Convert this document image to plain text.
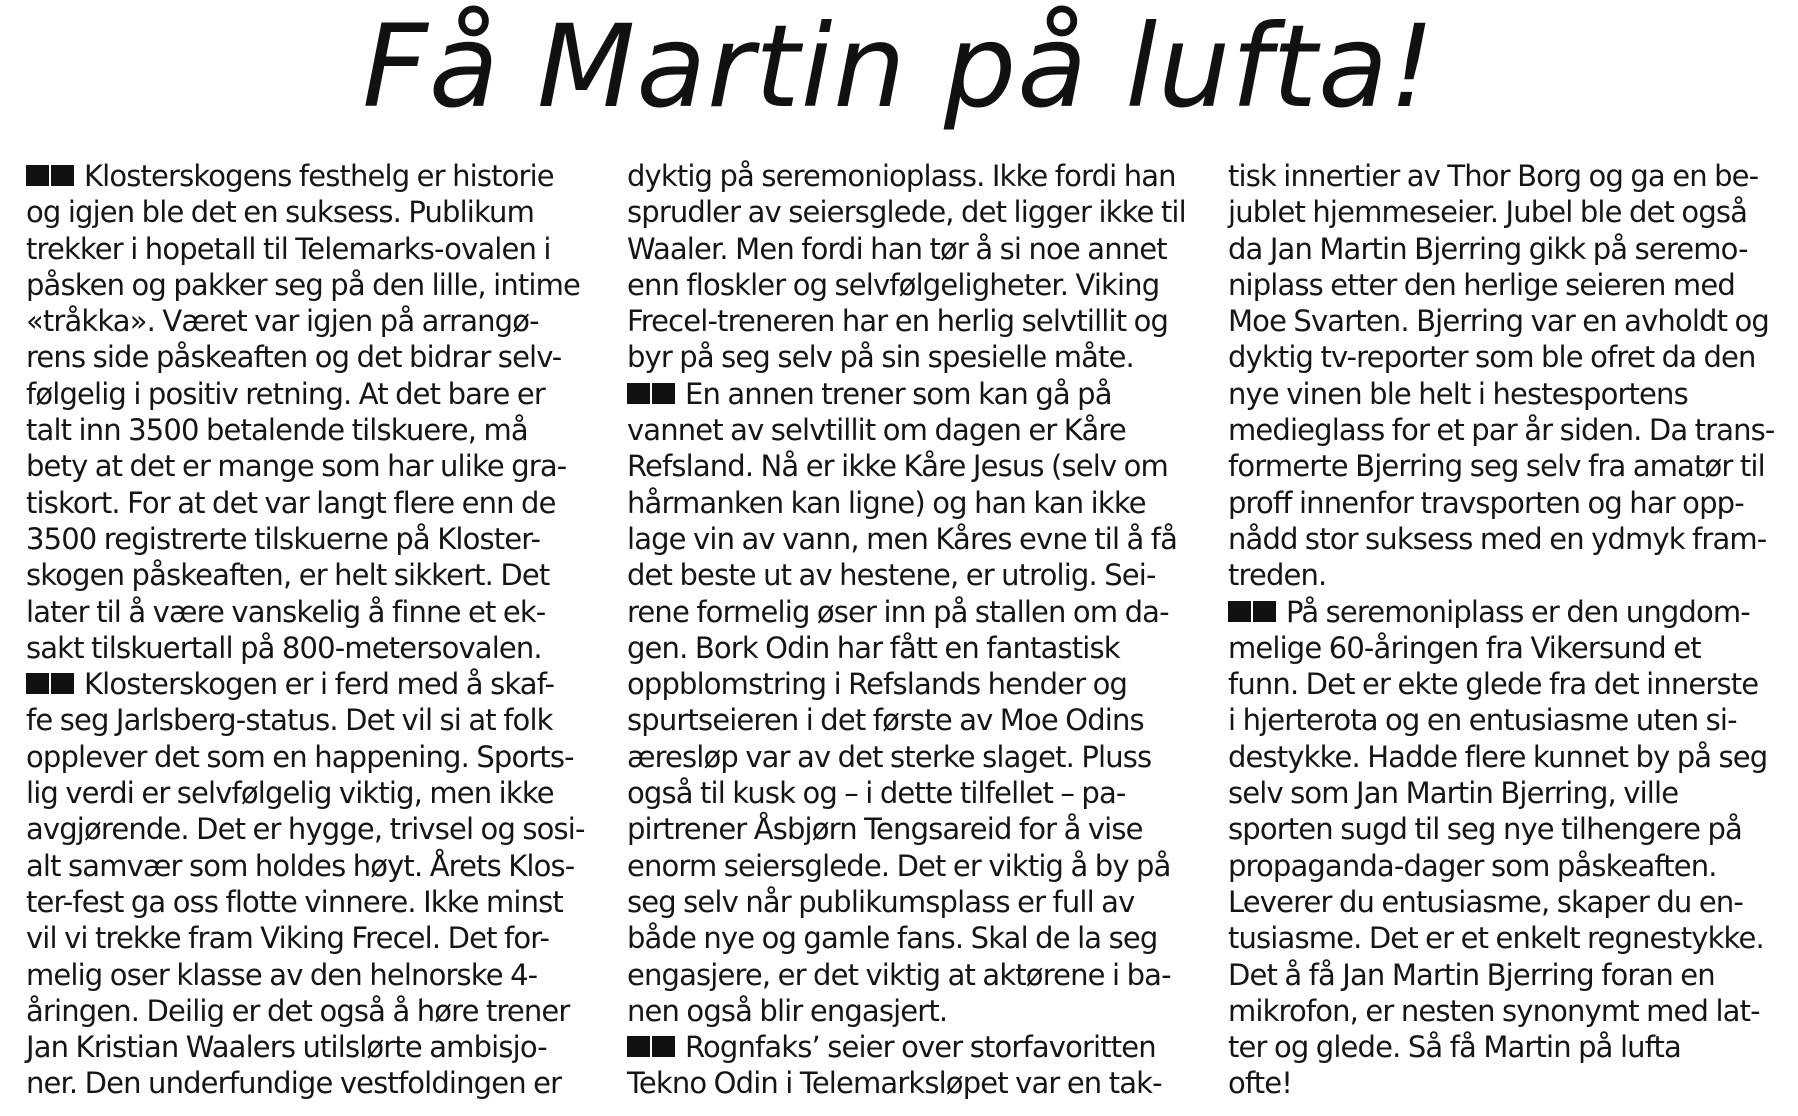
Få Martin på lufta!
Klosterskogens festhelg er historie
og igjen ble det en suksess. Publikum
trekker i hopetall til Telemarks-ovalen i
påsken og pakker seg på den lille, intime
«tråkka». Været var igjen på arrangø-
rens side påskeaften og det bidrar selv-
følgelig i positiv retning. At det bare er
talt inn 3500 betalende tilskuere, må
bety at det er mange som har ulike gra-
tiskort. For at det var langt flere enn de
3500 registrerte tilskuerne på Kloster-
skogen påskeaften, er helt sikkert. Det
later til å være vanskelig å finne et ek-
sakt tilskuertall på 800-metersovalen.
Klosterskogen er i ferd med å skaf-
fe seg Jarlsberg-status. Det vil si at folk
opplever det som en happening. Sports-
lig verdi er selvfølgelig viktig, men ikke
avgjørende. Det er hygge, trivsel og sosi-
alt samvær som holdes høyt. Årets Klos-
ter-fest ga oss flotte vinnere. Ikke minst
vil vi trekke fram Viking Frecel. Det for-
melig oser klasse av den helnorske 4-
åringen. Deilig er det også å høre trener
Jan Kristian Waalers utilslørte ambisjo-
ner. Den underfundige vestfoldingen er
dyktig på seremonioplass. Ikke fordi han
sprudler av seiersglede, det ligger ikke til
Waaler. Men fordi han tør å si noe annet
enn floskler og selvfølgeligheter. Viking
Frecel-treneren har en herlig selvtillit og
byr på seg selv på sin spesielle måte.
En annen trener som kan gå på
vannet av selvtillit om dagen er Kåre
Refsland. Nå er ikke Kåre Jesus (selv om
hårmanken kan ligne) og han kan ikke
lage vin av vann, men Kåres evne til å få
det beste ut av hestene, er utrolig. Sei-
rene formelig øser inn på stallen om da-
gen. Bork Odin har fått en fantastisk
oppblomstring i Refslands hender og
spurtseieren i det første av Moe Odins
æresløp var av det sterke slaget. Pluss
også til kusk og – i dette tilfellet – pa-
pirtrener Åsbjørn Tengsareid for å vise
enorm seiersglede. Det er viktig å by på
seg selv når publikumsplass er full av
både nye og gamle fans. Skal de la seg
engasjere, er det viktig at aktørene i ba-
nen også blir engasjert.
Rognfaks’ seier over storfavoritten
Tekno Odin i Telemarksløpet var en tak-
tisk innertier av Thor Borg og ga en be-
jublet hjemmeseier. Jubel ble det også
da Jan Martin Bjerring gikk på seremo-
niplass etter den herlige seieren med
Moe Svarten. Bjerring var en avholdt og
dyktig tv-reporter som ble ofret da den
nye vinen ble helt i hestesportens
medieglass for et par år siden. Da trans-
formerte Bjerring seg selv fra amatør til
proff innenfor travsporten og har opp-
nådd stor suksess med en ydmyk fram-
treden.
På seremoniplass er den ungdom-
melige 60-åringen fra Vikersund et
funn. Det er ekte glede fra det innerste
i hjerterota og en entusiasme uten si-
destykke. Hadde flere kunnet by på seg
selv som Jan Martin Bjerring, ville
sporten sugd til seg nye tilhengere på
propaganda-dager som påskeaften.
Leverer du entusiasme, skaper du en-
tusiasme. Det er et enkelt regnestykke.
Det å få Jan Martin Bjerring foran en
mikrofon, er nesten synonymt med lat-
ter og glede. Så få Martin på lufta
ofte!
